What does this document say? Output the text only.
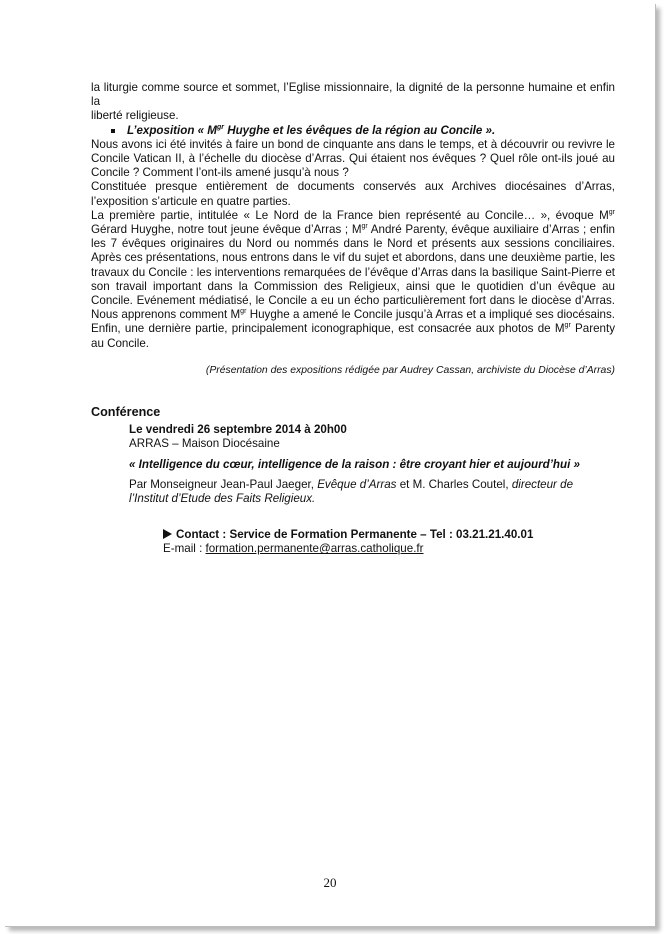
la liturgie comme source et sommet, l’Eglise missionnaire, la dignité de la personne humaine et enfin la

liberté religieuse.

L’exposition « $M^{gr}$ Huyghe et les évêques de la région au Concile ».

Nous avons ici été invités à faire un bond de cinquante ans dans le temps, et à découvrir ou revivre le Concile Vatican II, à l’échelle du diocèse d’Arras. Qui étaient nos évêques ? Quel rôle ont-ils joué au Concile ? Comment l’ont-ils amené jusqu’à nous ?

Constituée presque entièrement de documents conservés aux Archives diocésaines d’Arras, l’exposition s’articule en quatre parties.

La première partie, intitulée « Le Nord de la France bien représenté au Concile… », évoque $M^{gr}$ Gérard Huyghe, notre tout jeune évêque d’Arras ; $M^{gr}$ André Parenty, évêque auxiliaire d’Arras ; enfin les 7 évêques originaires du Nord ou nommés dans le Nord et présents aux sessions conciliaires. Après ces présentations, nous entrons dans le vif du sujet et abordons, dans une deuxième partie, les travaux du Concile : les interventions remarquées de l’évêque d’Arras dans la basilique Saint-Pierre et son travail important dans la Commission des Religieux, ainsi que le quotidien d’un évêque au Concile. Evénement médiatisé, le Concile a eu un écho particulièrement fort dans le diocèse d’Arras. Nous apprenons comment $M^{gr}$ Huyghe a amené le Concile jusqu’à Arras et a impliqué ses diocésains. Enfin, une dernière partie, principalement iconographique, est consacrée aux photos de $M^{gr}$ Parenty au Concile.

(Présentation des expositions rédigée par Audrey Cassan, archiviste du Diocèse d’Arras)

Conférence

Le vendredi 26 septembre 2014 à 20h00

ARRAS – Maison Diocésaine

« Intelligence du cœur, intelligence de la raison : être croyant hier et aujourd’hui »

Par Monseigneur Jean-Paul Jaeger, Evêque d’Arras et M. Charles Coutel, directeur de l’Institut d’Etude des Faits Religieux.

Contact : Service de Formation Permanente – Tel : 03.21.21.40.01

E-mail : formation.permanente@arras.catholique.fr

20
